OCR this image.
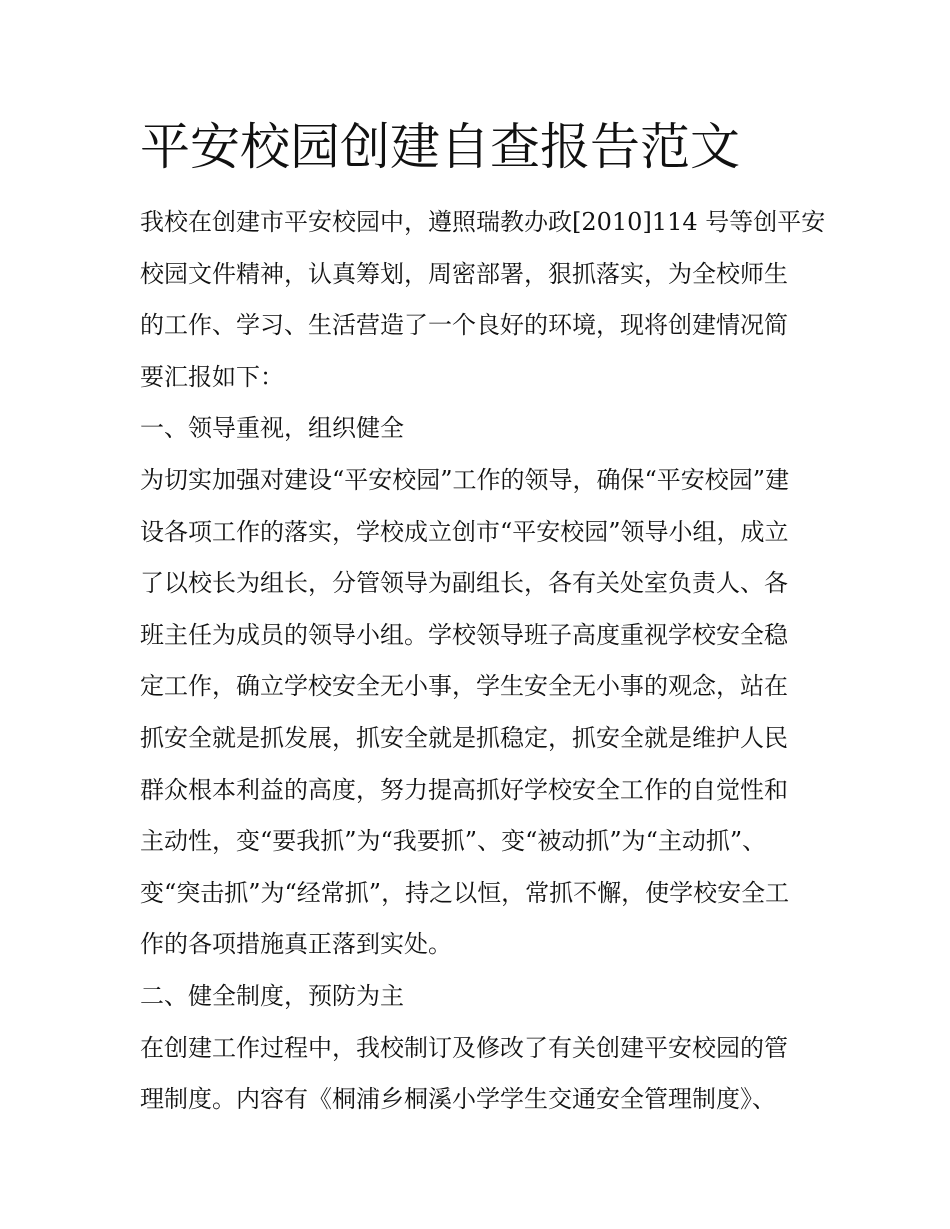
平安校园创建自查报告范文
我校在创建市平安校园中，遵照瑞教办政[2010]114 号等创平安
校园文件精神，认真筹划，周密部署，狠抓落实，为全校师生
的工作、学习、生活营造了一个良好的环境，现将创建情况简
要汇报如下：
一、领导重视，组织健全
为切实加强对建设“平安校园”工作的领导，确保“平安校园”建
设各项工作的落实，学校成立创市“平安校园”领导小组，成立
了以校长为组长，分管领导为副组长，各有关处室负责人、各
班主任为成员的领导小组。学校领导班子高度重视学校安全稳
定工作，确立学校安全无小事，学生安全无小事的观念，站在
抓安全就是抓发展，抓安全就是抓稳定，抓安全就是维护人民
群众根本利益的高度，努力提高抓好学校安全工作的自觉性和
主动性，变“要我抓”为“我要抓”、变“被动抓”为“主动抓”、
变“突击抓”为“经常抓”，持之以恒，常抓不懈，使学校安全工
作的各项措施真正落到实处。
二、健全制度，预防为主
在创建工作过程中，我校制订及修改了有关创建平安校园的管
理制度。内容有《桐浦乡桐溪小学学生交通安全管理制度》、
